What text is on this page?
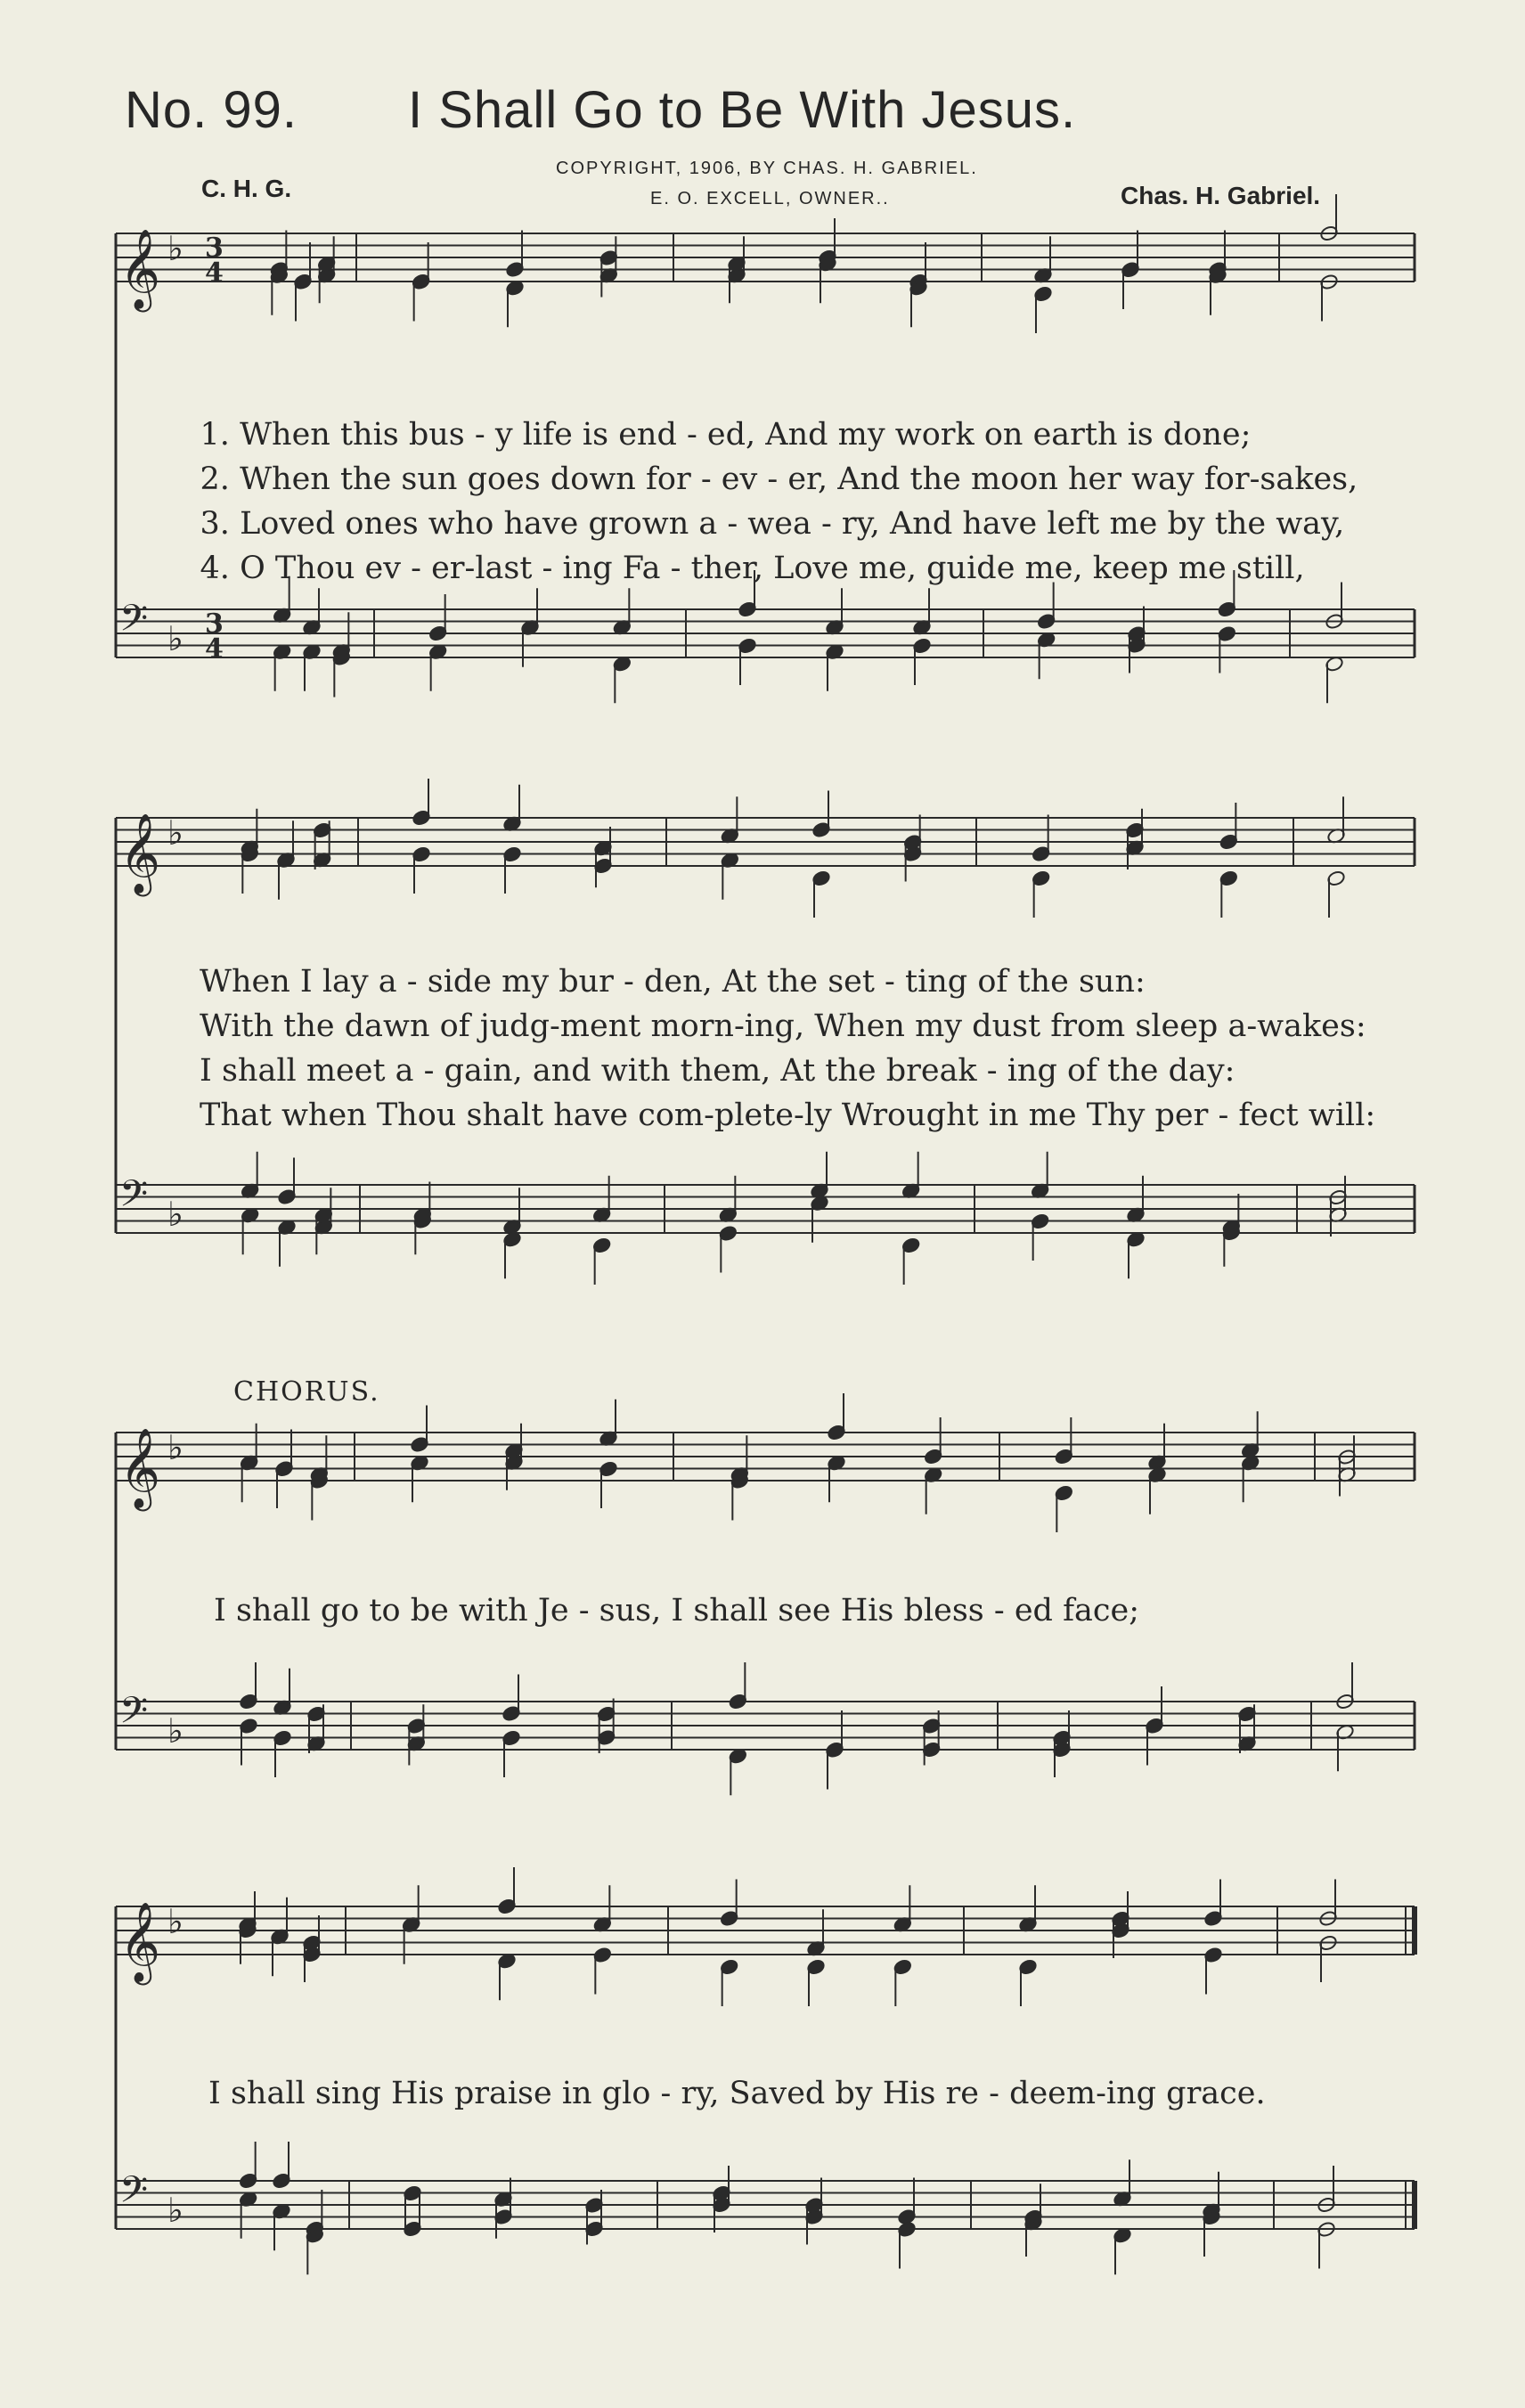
No. 99. I Shall Go to Be With Jesus.
C. H. G.
COPYRIGHT, 1906, BY CHAS. H. GABRIEL.
E. O. EXCELL, OWNER..	Chas. H. Gabriel.
𝄞 ♭ 3
4
𝄢 ♭ 3
4
𝄞 ♭
𝄢 ♭
𝄞 ♭
𝄢 ♭
𝄞 ♭
𝄢 ♭

1. When this bus - y life is end - ed, And my work on earth is done;

2. When the sun goes down for - ev - er, And the moon her way for-sakes,

3. Loved ones who have grown a - wea - ry, And have left me by the way,

4. O Thou ev - er-last - ing Fa - ther, Love me, guide me, keep me still,

When I lay a - side my bur - den, At the set - ting of the sun:

With the dawn of judg-ment morn-ing, When my dust from sleep a-wakes:

I shall meet a - gain, and with them, At the break - ing of the day:

That when Thou shalt have com-plete-ly Wrought in me Thy per - fect will:

CHORUS.
I shall go to be with Je - sus, I shall see His bless - ed face;
I shall sing His praise in glo - ry, Saved by His re - deem-ing grace.
